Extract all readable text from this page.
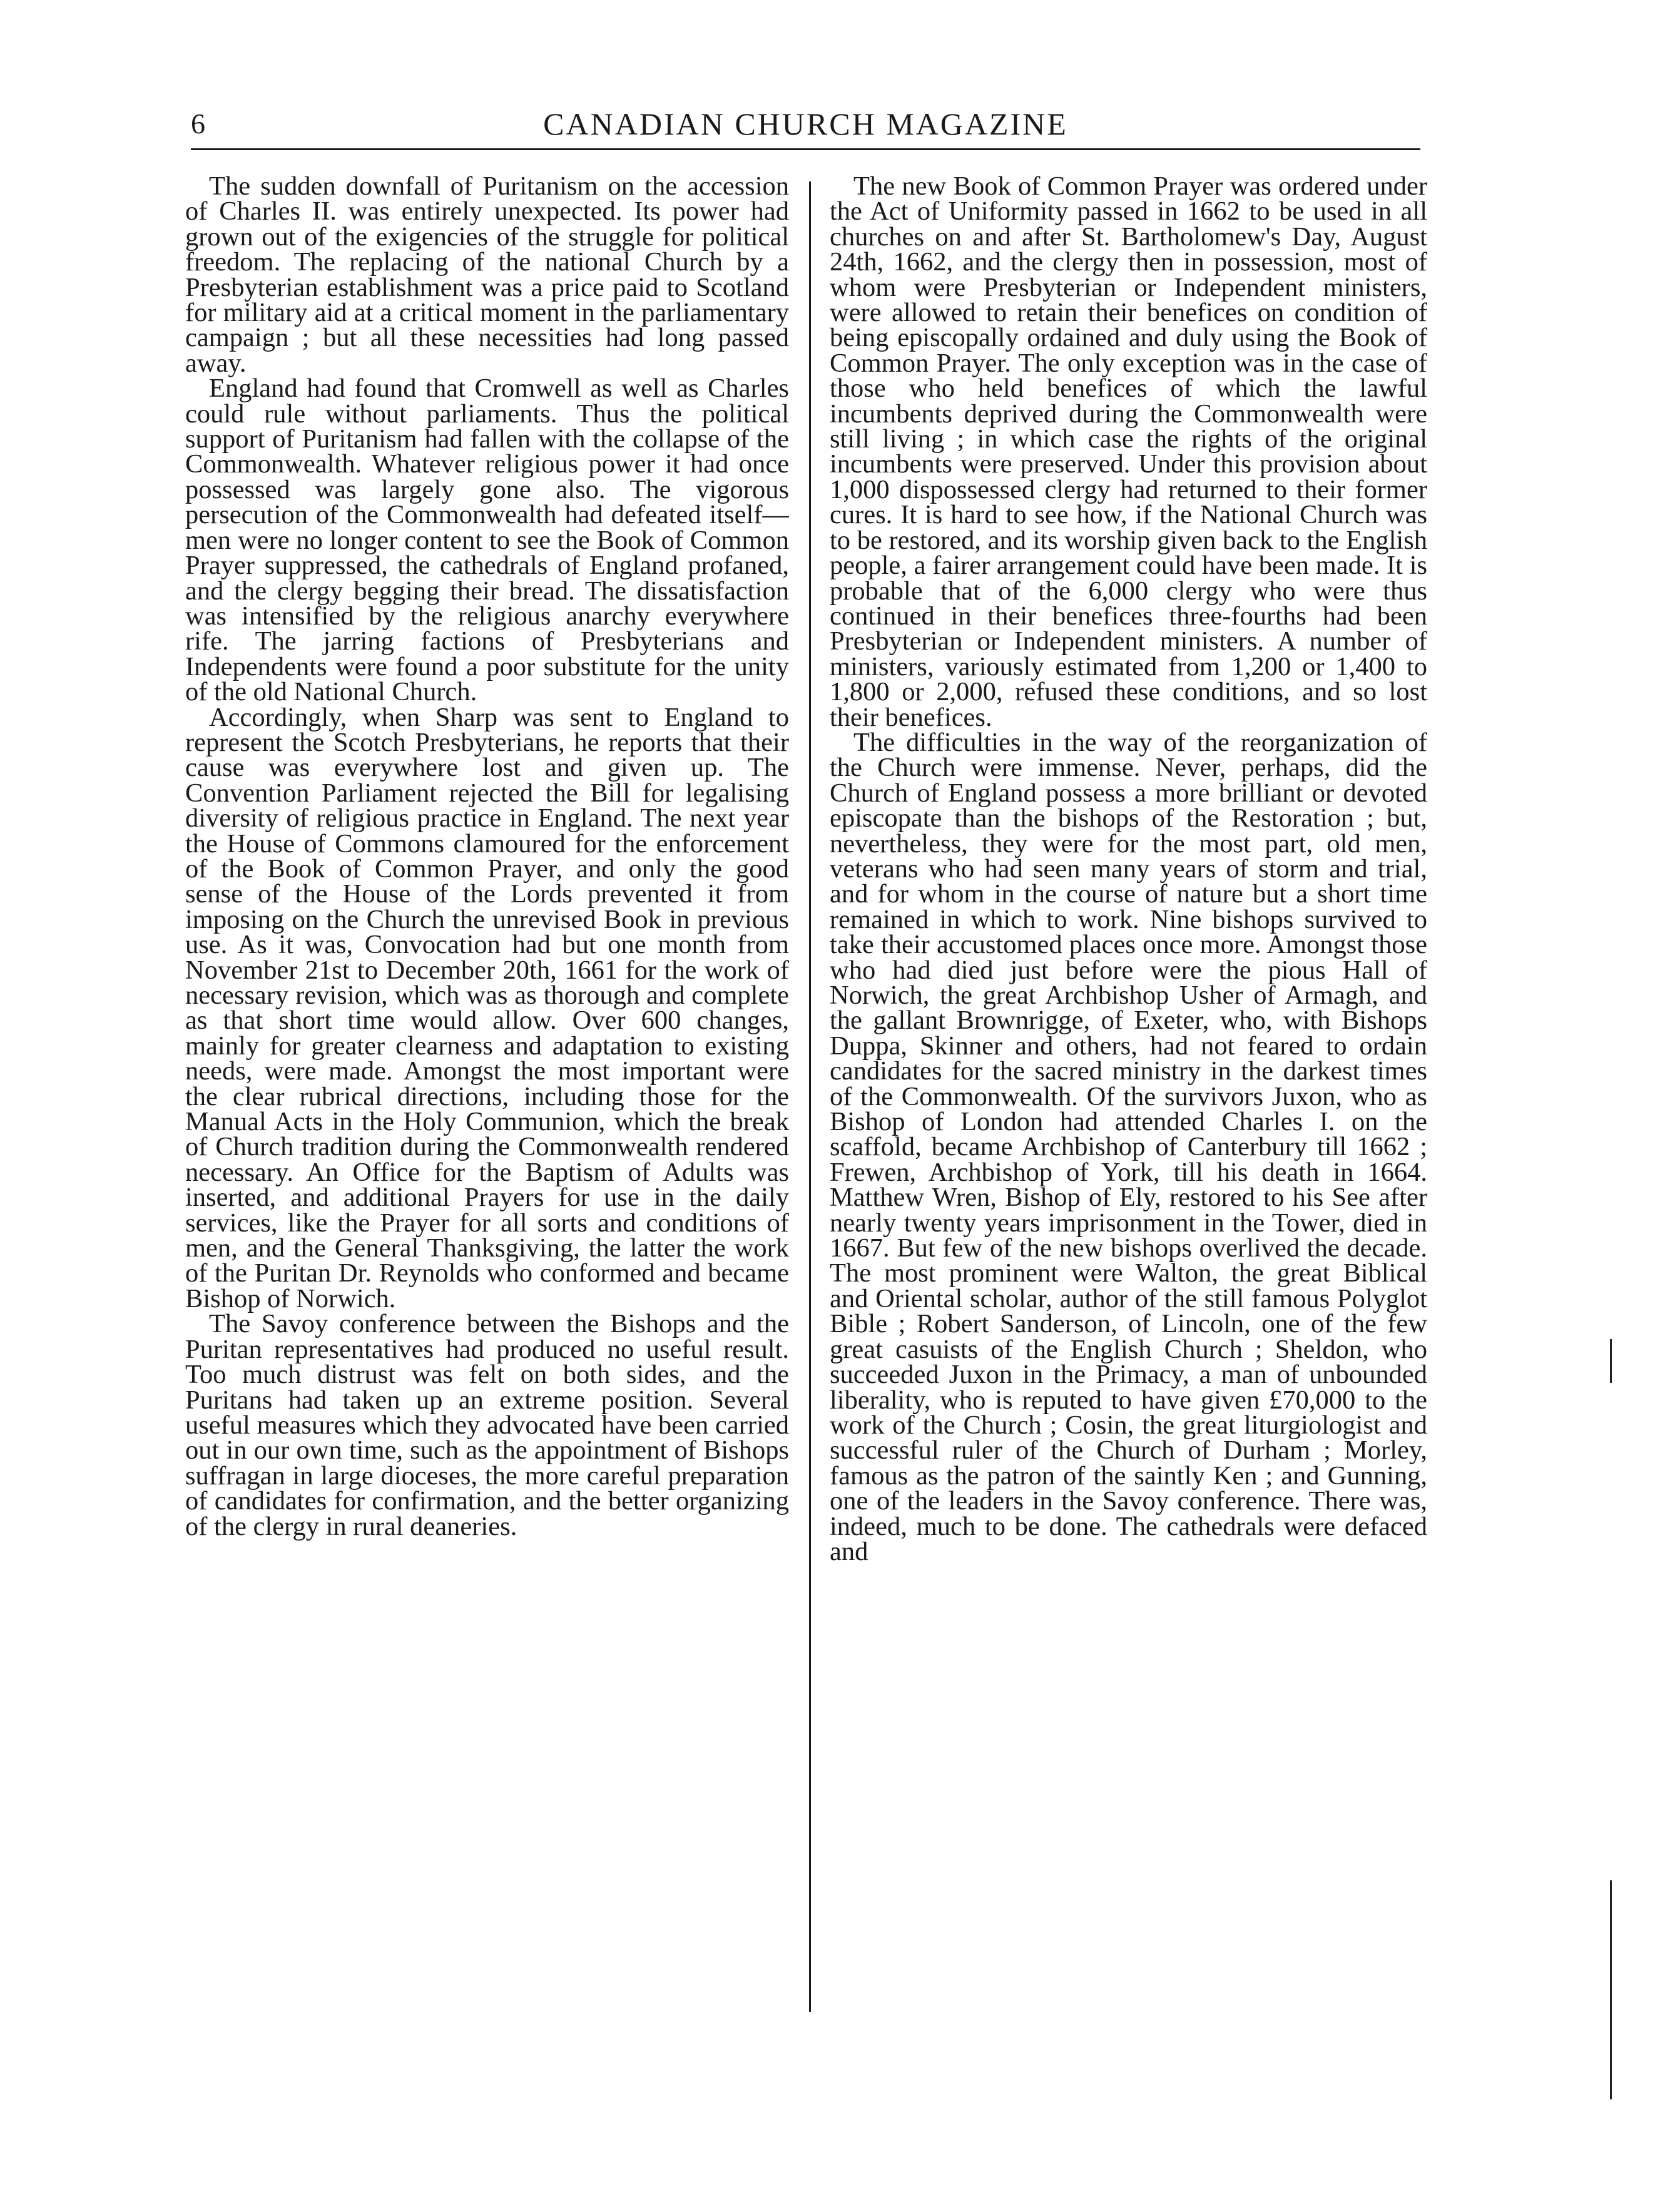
6	CANADIAN CHURCH MAGAZINE

The sudden downfall of Puritanism on the accession of Charles II. was entirely unexpected. Its power had grown out of the exigencies of the struggle for political freedom. The replacing of the national Church by a Presbyterian establishment was a price paid to Scotland for military aid at a critical moment in the parliamentary campaign ; but all these necessities had long passed away.

England had found that Cromwell as well as Charles could rule without parliaments. Thus the political support of Puritanism had fallen with the collapse of the Commonwealth. Whatever religious power it had once possessed was largely gone also. The vigorous persecution of the Commonwealth had defeated itself—men were no longer content to see the Book of Common Prayer suppressed, the cathedrals of England profaned, and the clergy begging their bread. The dissatisfaction was intensified by the religious anarchy everywhere rife. The jarring factions of Presbyterians and Independents were found a poor substitute for the unity of the old National Church.

Accordingly, when Sharp was sent to England to represent the Scotch Presbyterians, he reports that their cause was everywhere lost and given up. The Convention Parliament rejected the Bill for legalising diversity of religious practice in England. The next year the House of Commons clamoured for the enforcement of the Book of Common Prayer, and only the good sense of the House of the Lords prevented it from imposing on the Church the unrevised Book in previous use. As it was, Convocation had but one month from November 21st to December 20th, 1661 for the work of necessary revision, which was as thorough and complete as that short time would allow. Over 600 changes, mainly for greater clearness and adaptation to existing needs, were made. Amongst the most important were the clear rubrical directions, including those for the Manual Acts in the Holy Communion, which the break of Church tradition during the Commonwealth rendered necessary. An Office for the Baptism of Adults was inserted, and additional Prayers for use in the daily services, like the Prayer for all sorts and conditions of men, and the General Thanksgiving, the latter the work of the Puritan Dr. Reynolds who conformed and became Bishop of Norwich.

The Savoy conference between the Bishops and the Puritan representatives had produced no useful result. Too much distrust was felt on both sides, and the Puritans had taken up an extreme position. Several useful measures which they advocated have been carried out in our own time, such as the appointment of Bishops suffragan in large dioceses, the more careful preparation of candidates for confirmation, and the better organizing of the clergy in rural deaneries.

The new Book of Common Prayer was ordered under the Act of Uniformity passed in 1662 to be used in all churches on and after St. Bartholomew's Day, August 24th, 1662, and the clergy then in possession, most of whom were Presbyterian or Independent ministers, were allowed to retain their benefices on condition of being episcopally ordained and duly using the Book of Common Prayer. The only exception was in the case of those who held benefices of which the lawful incumbents deprived during the Commonwealth were still living ; in which case the rights of the original incumbents were preserved. Under this provision about 1,000 dispossessed clergy had returned to their former cures. It is hard to see how, if the National Church was to be restored, and its worship given back to the English people, a fairer arrangement could have been made. It is probable that of the 6,000 clergy who were thus continued in their benefices three-fourths had been Presbyterian or Independent ministers. A number of ministers, variously estimated from 1,200 or 1,400 to 1,800 or 2,000, refused these conditions, and so lost their benefices.

The difficulties in the way of the reorganization of the Church were immense. Never, perhaps, did the Church of England possess a more brilliant or devoted episcopate than the bishops of the Restoration ; but, nevertheless, they were for the most part, old men, veterans who had seen many years of storm and trial, and for whom in the course of nature but a short time remained in which to work. Nine bishops survived to take their accustomed places once more. Amongst those who had died just before were the pious Hall of Norwich, the great Archbishop Usher of Armagh, and the gallant Brownrigge, of Exeter, who, with Bishops Duppa, Skinner and others, had not feared to ordain candidates for the sacred ministry in the darkest times of the Commonwealth. Of the survivors Juxon, who as Bishop of London had attended Charles I. on the scaffold, became Archbishop of Canterbury till 1662 ; Frewen, Archbishop of York, till his death in 1664. Matthew Wren, Bishop of Ely, restored to his See after nearly twenty years imprisonment in the Tower, died in 1667. But few of the new bishops overlived the decade. The most prominent were Walton, the great Biblical and Oriental scholar, author of the still famous Polyglot Bible ; Robert Sanderson, of Lincoln, one of the few great casuists of the English Church ; Sheldon, who succeeded Juxon in the Primacy, a man of unbounded liberality, who is reputed to have given £70,000 to the work of the Church ; Cosin, the great liturgiologist and successful ruler of the Church of Durham ; Morley, famous as the patron of the saintly Ken ; and Gunning, one of the leaders in the Savoy conference. There was, indeed, much to be done. The cathedrals were defaced and
